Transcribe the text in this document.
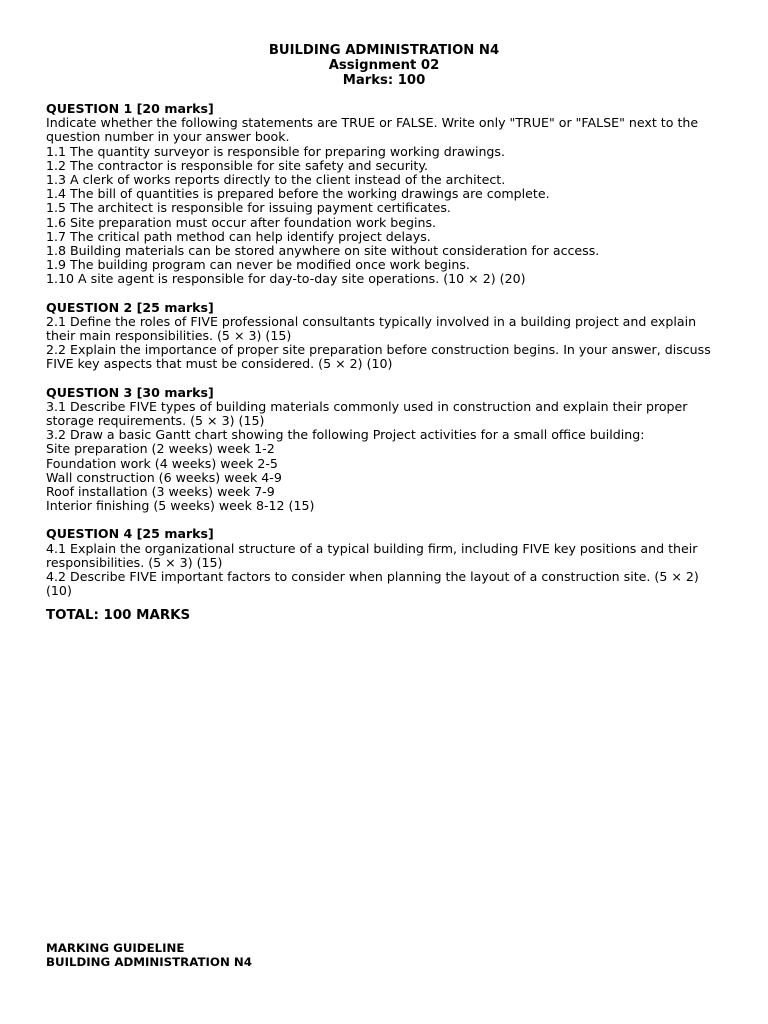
BUILDING ADMINISTRATION N4
Assignment 02
Marks: 100
QUESTION 1 [20 marks]
Indicate whether the following statements are TRUE or FALSE. Write only "TRUE" or "FALSE" next to the question number in your answer book.
1.1 The quantity surveyor is responsible for preparing working drawings.
1.2 The contractor is responsible for site safety and security.
1.3 A clerk of works reports directly to the client instead of the architect.
1.4 The bill of quantities is prepared before the working drawings are complete.
1.5 The architect is responsible for issuing payment certificates.
1.6 Site preparation must occur after foundation work begins.
1.7 The critical path method can help identify project delays.
1.8 Building materials can be stored anywhere on site without consideration for access.
1.9 The building program can never be modified once work begins.
1.10 A site agent is responsible for day-to-day site operations. (10 × 2) (20)
QUESTION 2 [25 marks]
2.1 Define the roles of FIVE professional consultants typically involved in a building project and explain their main responsibilities. (5 × 3) (15)
2.2 Explain the importance of proper site preparation before construction begins. In your answer, discuss FIVE key aspects that must be considered. (5 × 2) (10)
QUESTION 3 [30 marks]
3.1 Describe FIVE types of building materials commonly used in construction and explain their proper storage requirements. (5 × 3) (15)
3.2 Draw a basic Gantt chart showing the following Project activities for a small office building:
Site preparation (2 weeks) week 1-2
Foundation work (4 weeks) week 2-5
Wall construction (6 weeks) week 4-9
Roof installation (3 weeks) week 7-9
Interior finishing (5 weeks) week 8-12 (15)
QUESTION 4 [25 marks]
4.1 Explain the organizational structure of a typical building firm, including FIVE key positions and their responsibilities. (5 × 3) (15)
4.2 Describe FIVE important factors to consider when planning the layout of a construction site. (5 × 2) (10)
TOTAL: 100 MARKS
MARKING GUIDELINE
BUILDING ADMINISTRATION N4
